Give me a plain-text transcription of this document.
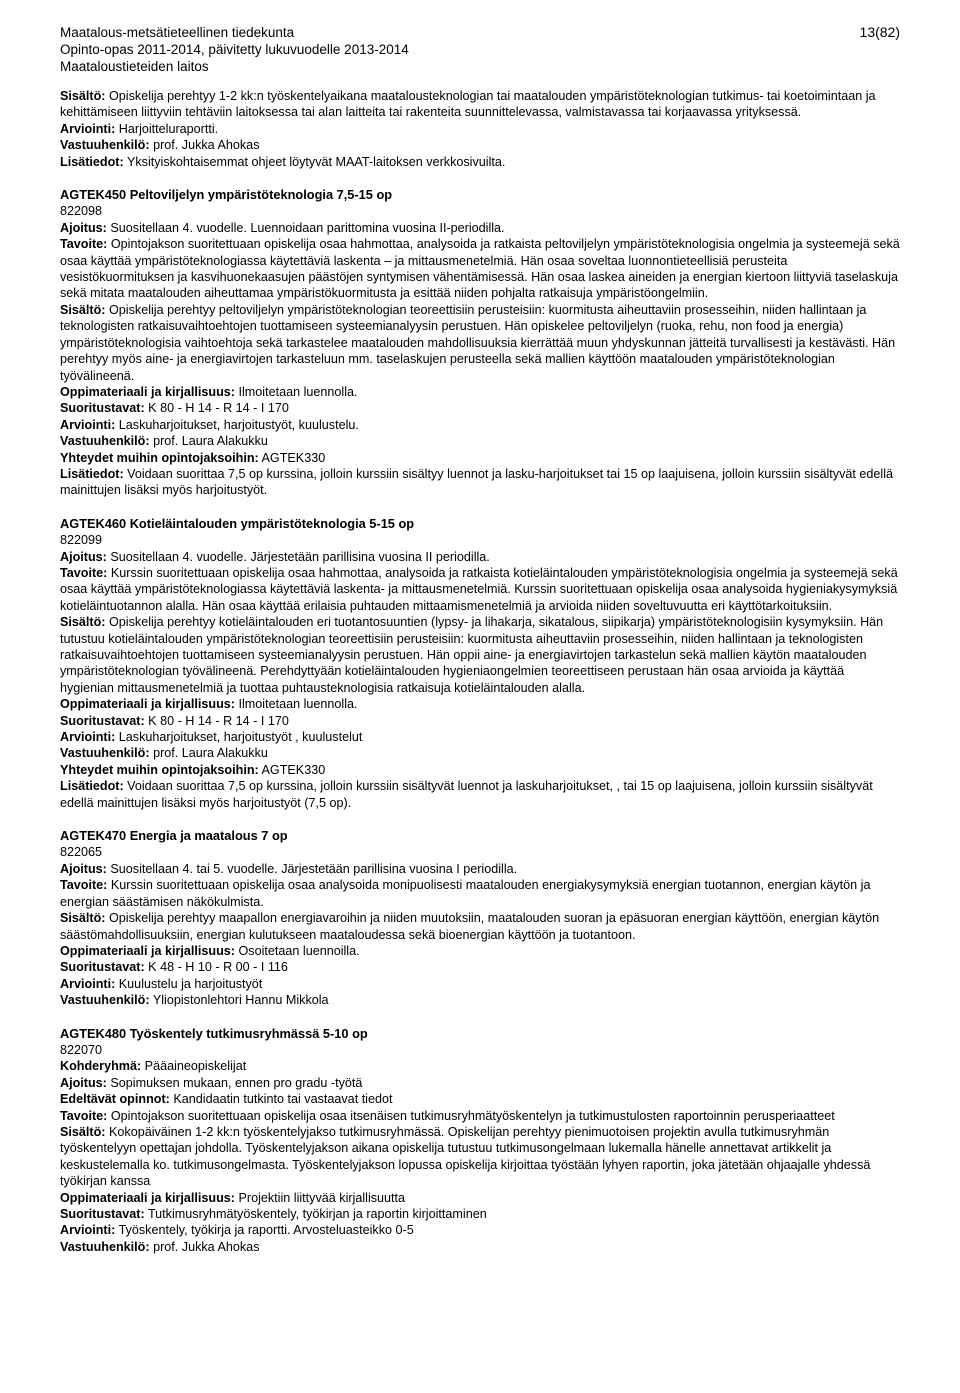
Maatalous-metsätieteellinen tiedekunta
Opinto-opas 2011-2014, päivitetty lukuvuodelle 2013-2014
Maataloustieteiden laitos
13(82)

Sisältö: Opiskelija perehtyy 1-2 kk:n työskentelyaikana maatalousteknologian tai maatalouden ympäristöteknologian tutkimus- tai koetoimintaan ja kehittämiseen liittyviin tehtäviin laitoksessa tai alan laitteita tai rakenteita suunnittelevassa, valmistavassa tai korjaavassa yrityksessä.

Arviointi: Harjoitteluraportti.

Vastuuhenkilö: prof. Jukka Ahokas

Lisätiedot: Yksityiskohtaisemmat ohjeet löytyvät MAAT-laitoksen verkkosivuilta.

AGTEK450 Peltoviljelyn ympäristöteknologia 7,5-15 op

822098

Ajoitus: Suositellaan 4. vuodelle. Luennoidaan parittomina vuosina II-periodilla.

Tavoite: Opintojakson suoritettuaan opiskelija osaa hahmottaa, analysoida ja ratkaista peltoviljelyn ympäristöteknologisia ongelmia ja systeemejä sekä osaa käyttää ympäristöteknologiassa käytettäviä laskenta – ja mittausmenetelmiä. Hän osaa soveltaa luonnontieteellisiä perusteita vesistökuormituksen ja kasvihuonekaasujen päästöjen syntymisen vähentämisessä. Hän osaa laskea aineiden ja energian kiertoon liittyviä taselaskuja sekä mitata maatalouden aiheuttamaa ympäristökuormitusta ja esittää niiden pohjalta ratkaisuja ympäristöongelmiin.

Sisältö: Opiskelija perehtyy peltoviljelyn ympäristöteknologian teoreettisiin perusteisiin: kuormitusta aiheuttaviin prosesseihin, niiden hallintaan ja teknologisten ratkaisuvaihtoehtojen tuottamiseen systeemianalyysin perustuen. Hän opiskelee peltoviljelyn (ruoka, rehu, non food ja energia) ympäristöteknologisia vaihtoehtoja sekä tarkastelee maatalouden mahdollisuuksia kierrättää muun yhdyskunnan jätteitä turvallisesti ja kestävästi. Hän perehtyy myös aine- ja energiavirtojen tarkasteluun mm. taselaskujen perusteella sekä mallien käyttöön maatalouden ympäristöteknologian työvälineenä.

Oppimateriaali ja kirjallisuus: Ilmoitetaan luennolla.

Suoritustavat: K 80 - H 14 - R 14 - I 170

Arviointi: Laskuharjoitukset, harjoitustyöt, kuulustelu.

Vastuuhenkilö: prof. Laura Alakukku

Yhteydet muihin opintojaksoihin: AGTEK330

Lisätiedot: Voidaan suorittaa 7,5 op kurssina, jolloin kurssiin sisältyy luennot ja lasku-harjoitukset tai 15 op laajuisena, jolloin kurssiin sisältyvät edellä mainittujen lisäksi myös harjoitustyöt.

AGTEK460 Kotieläintalouden ympäristöteknologia 5-15 op

822099

Ajoitus: Suositellaan 4. vuodelle. Järjestetään parillisina vuosina II periodilla.

Tavoite: Kurssin suoritettuaan opiskelija osaa hahmottaa, analysoida ja ratkaista kotieläintalouden ympäristöteknologisia ongelmia ja systeemejä sekä osaa käyttää ympäristöteknologiassa käytettäviä laskenta- ja mittausmenetelmiä. Kurssin suoritettuaan opiskelija osaa analysoida hygieniakysymyksiä kotieläintuotannon alalla. Hän osaa käyttää erilaisia puhtauden mittaamismenetelmiä ja arvioida niiden soveltuvuutta eri käyttötarkoituksiin.

Sisältö: Opiskelija perehtyy kotieläintalouden eri tuotantosuuntien (lypsy- ja lihakarja, sikatalous, siipikarja) ympäristöteknologisiin kysymyksiin. Hän tutustuu kotieläintalouden ympäristöteknologian teoreettisiin perusteisiin: kuormitusta aiheuttaviin prosesseihin, niiden hallintaan ja teknologisten ratkaisuvaihtoehtojen tuottamiseen systeemianalyysin perustuen. Hän oppii aine- ja energiavirtojen tarkastelun sekä mallien käytön maatalouden ympäristöteknologian työvälineenä. Perehdyttyään kotieläintalouden hygieniaongelmien teoreettiseen perustaan hän osaa arvioida ja käyttää hygienian mittausmenetelmiä ja tuottaa puhtausteknologisia ratkaisuja kotieläintalouden alalla.

Oppimateriaali ja kirjallisuus: Ilmoitetaan luennolla.

Suoritustavat: K 80 - H 14 - R 14 - I 170

Arviointi: Laskuharjoitukset, harjoitustyöt , kuulustelut

Vastuuhenkilö: prof. Laura Alakukku

Yhteydet muihin opintojaksoihin: AGTEK330

Lisätiedot: Voidaan suorittaa 7,5 op kurssina, jolloin kurssiin sisältyvät luennot ja laskuharjoitukset, , tai 15 op laajuisena, jolloin kurssiin sisältyvät edellä mainittujen lisäksi myös harjoitustyöt (7,5 op).

AGTEK470 Energia ja maatalous 7 op

822065

Ajoitus: Suositellaan 4. tai 5. vuodelle. Järjestetään parillisina vuosina I periodilla.

Tavoite: Kurssin suoritettuaan opiskelija osaa analysoida monipuolisesti maatalouden energiakysymyksiä energian tuotannon, energian käytön ja energian säästämisen näkökulmista.

Sisältö: Opiskelija perehtyy maapallon energiavaroihin ja niiden muutoksiin, maatalouden suoran ja epäsuoran energian käyttöön, energian käytön säästömahdollisuuksiin, energian kulutukseen maataloudessa sekä bioenergian käyttöön ja tuotantoon.

Oppimateriaali ja kirjallisuus: Osoitetaan luennoilla.

Suoritustavat: K 48 - H 10 - R 00 - I 116

Arviointi: Kuulustelu ja harjoitustyöt

Vastuuhenkilö: Yliopistonlehtori Hannu Mikkola

AGTEK480 Työskentely tutkimusryhmässä 5-10 op

822070

Kohderyhmä: Pääaineopiskelijat

Ajoitus: Sopimuksen mukaan, ennen pro gradu -työtä

Edeltävät opinnot: Kandidaatin tutkinto tai vastaavat tiedot

Tavoite: Opintojakson suoritettuaan opiskelija osaa itsenäisen tutkimusryhmätyöskentelyn ja tutkimustulosten raportoinnin perusperiaatteet

Sisältö: Kokopäiväinen 1-2 kk:n työskentelyjakso tutkimusryhmässä. Opiskelijan perehtyy pienimuotoisen projektin avulla tutkimusryhmän työskentelyyn opettajan johdolla. Työskentelyjakson aikana opiskelija tutustuu tutkimusongelmaan lukemalla hänelle annettavat artikkelit ja keskustelemalla ko. tutkimusongelmasta. Työskentelyjakson lopussa opiskelija kirjoittaa työstään lyhyen raportin, joka jätetään ohjaajalle yhdessä työkirjan kanssa

Oppimateriaali ja kirjallisuus: Projektiin liittyvää kirjallisuutta

Suoritustavat: Tutkimusryhmätyöskentely, työkirjan ja raportin kirjoittaminen

Arviointi: Työskentely, työkirja ja raportti. Arvosteluasteikko 0-5

Vastuuhenkilö: prof. Jukka Ahokas
